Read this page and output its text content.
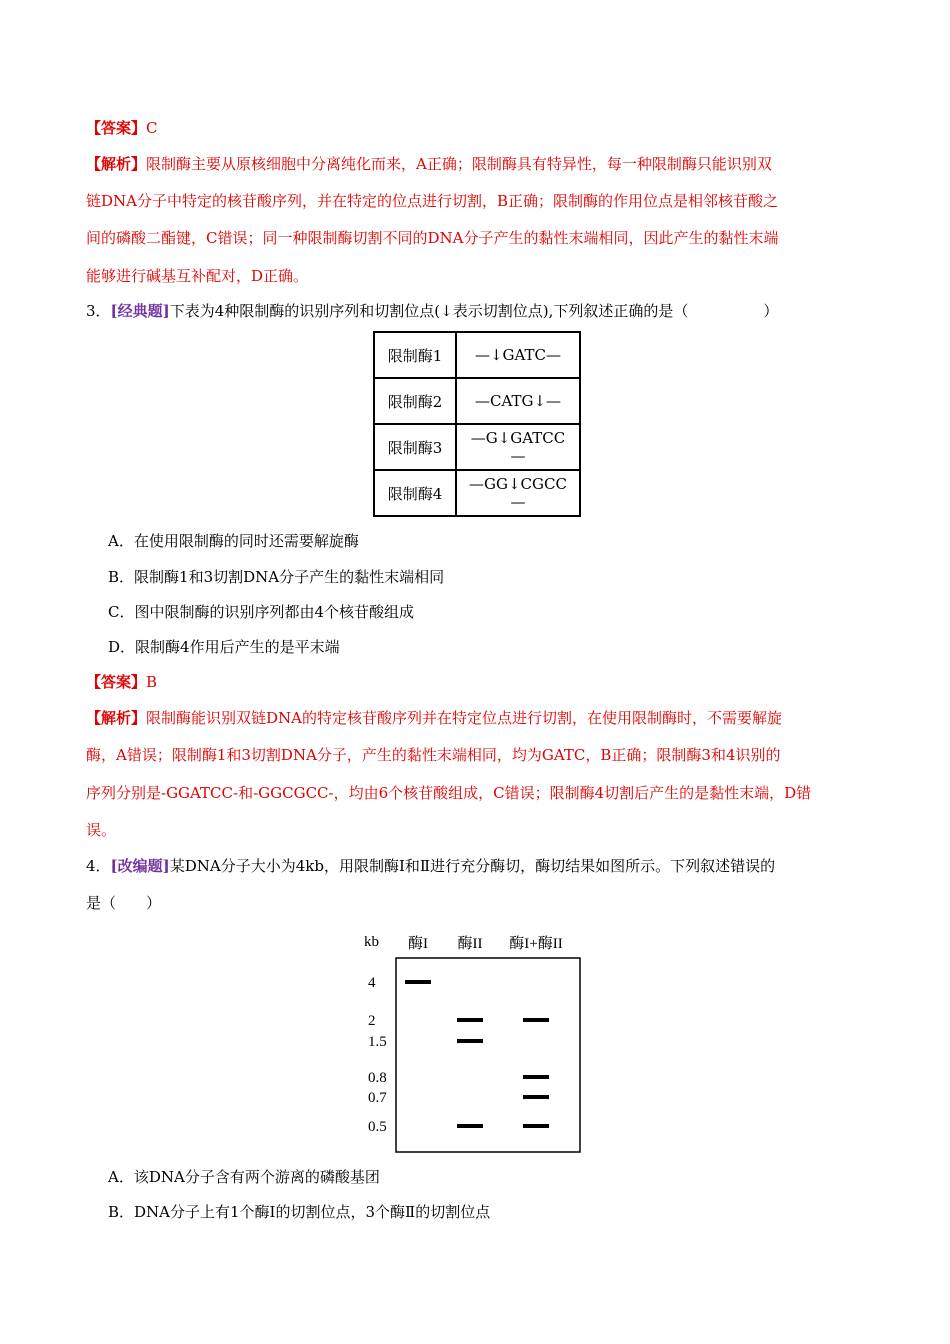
【答案】C
【解析】限制酶主要从原核细胞中分离纯化而来，A正确；限制酶具有特异性，每一种限制酶只能识别双
链DNA分子中特定的核苷酸序列，并在特定的位点进行切割，B正确；限制酶的作用位点是相邻核苷酸之
间的磷酸二酯键，C错误；同一种限制酶切割不同的DNA分子产生的黏性末端相同，因此产生的黏性末端
能够进行碱基互补配对，D正确。
3．[经典题]下表为4种限制酶的识别序列和切割位点(↓表示切割位点),下列叙述正确的是（　　　　　）
限制酶1	—↓GATC—
限制酶2	—CATG↓—
限制酶3	—G↓GATCC—
限制酶4	—GG↓CGCC—
A．在使用限制酶的同时还需要解旋酶
B．限制酶1和3切割DNA分子产生的黏性末端相同
C．图中限制酶的识别序列都由4个核苷酸组成
D．限制酶4作用后产生的是平末端
【答案】B
【解析】限制酶能识别双链DNA的特定核苷酸序列并在特定位点进行切割，在使用限制酶时，不需要解旋
酶，A错误；限制酶1和3切割DNA分子，产生的黏性末端相同，均为GATC，B正确；限制酶3和4识别的
序列分别是-GGATCC-和-GGCGCC-，均由6个核苷酸组成，C错误；限制酶4切割后产生的是黏性末端，D错
误。
4．[改编题]某DNA分子大小为4kb，用限制酶Ⅰ和Ⅱ进行充分酶切，酶切结果如图所示。下列叙述错误的
是（　　）
kb 酶I 酶II 酶I+酶II
4
2
1.5
0.8
0.7
0.5
A．该DNA分子含有两个游离的磷酸基团
B．DNA分子上有1个酶Ⅰ的切割位点，3个酶Ⅱ的切割位点
